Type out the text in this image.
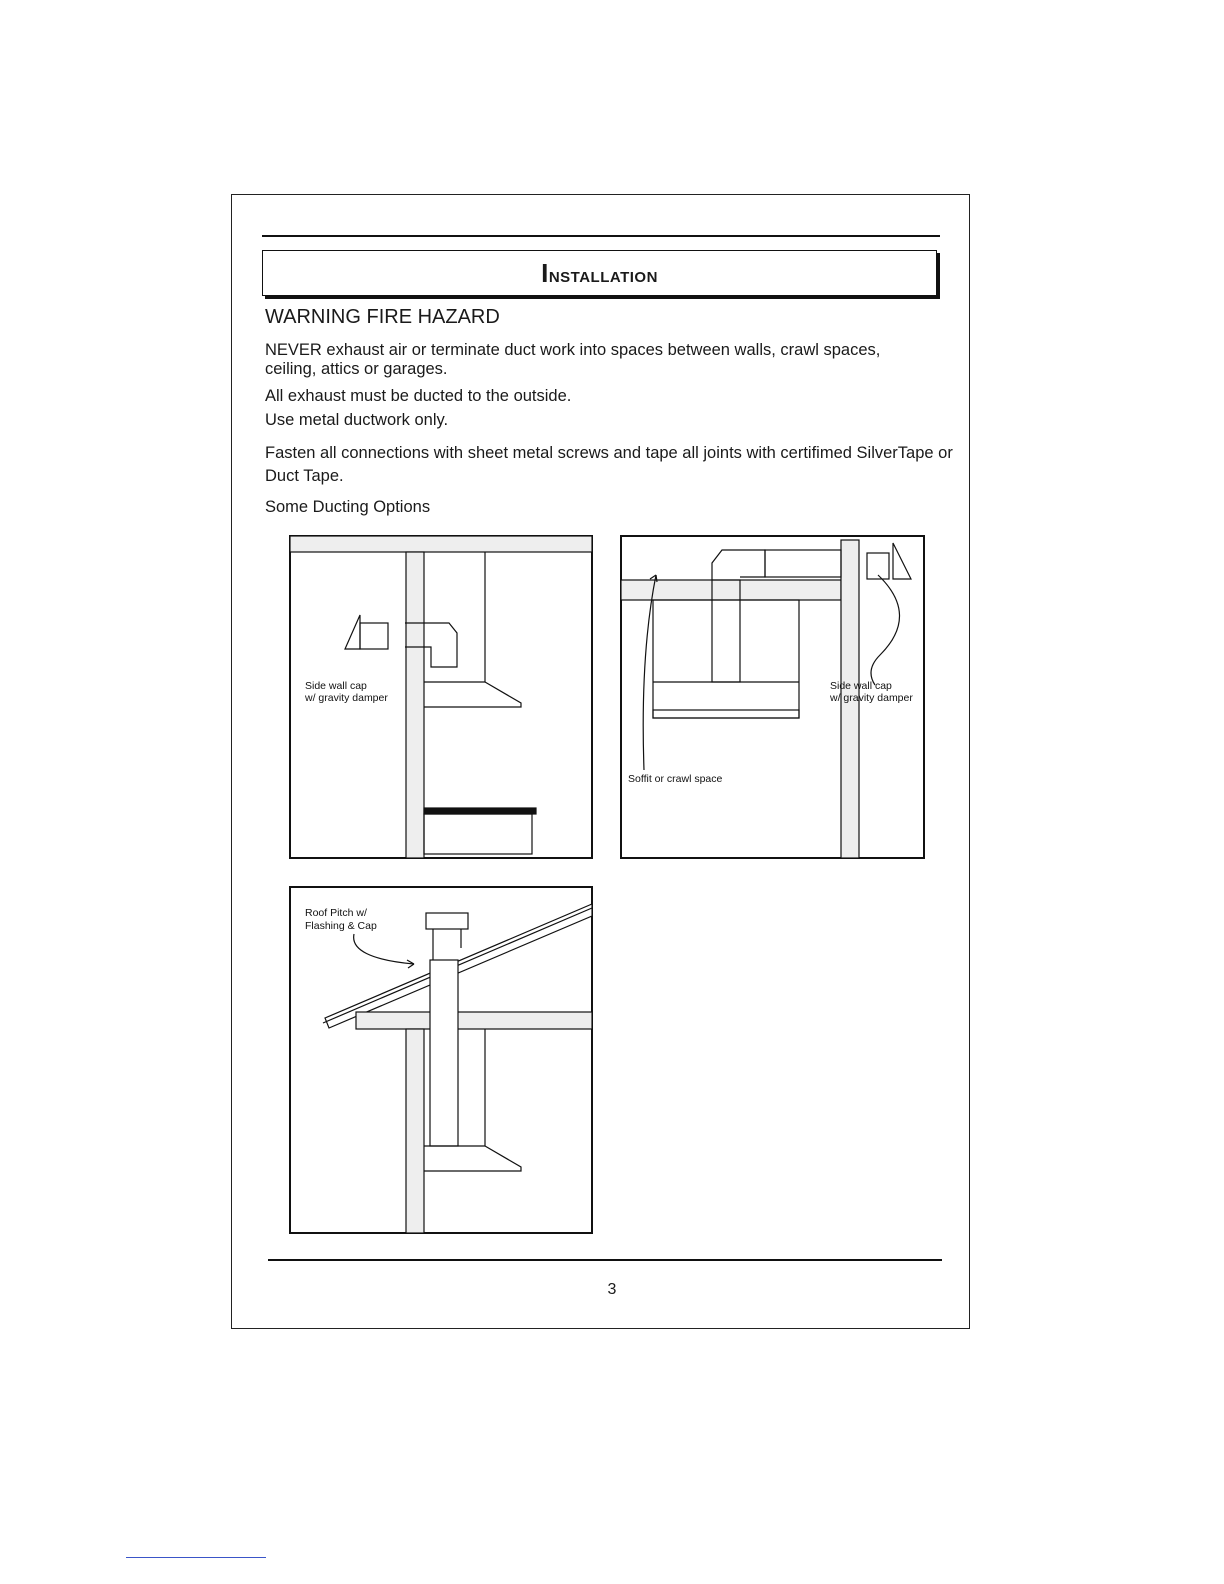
Installation
WARNING FIRE HAZARD
NEVER exhaust air or terminate duct work into spaces between walls, crawl spaces, ceiling, attics or garages.
All exhaust must be ducted to the outside.
Use metal ductwork only.
Fasten all connections with sheet metal screws and tape all joints with certifimed SilverTape or Duct Tape.
Some Ducting Options
Side wall cap
w/ gravity damper
Side wall cap
w/ gravity damper
Soffit or crawl space
Roof Pitch w/
Flashing & Cap
3
